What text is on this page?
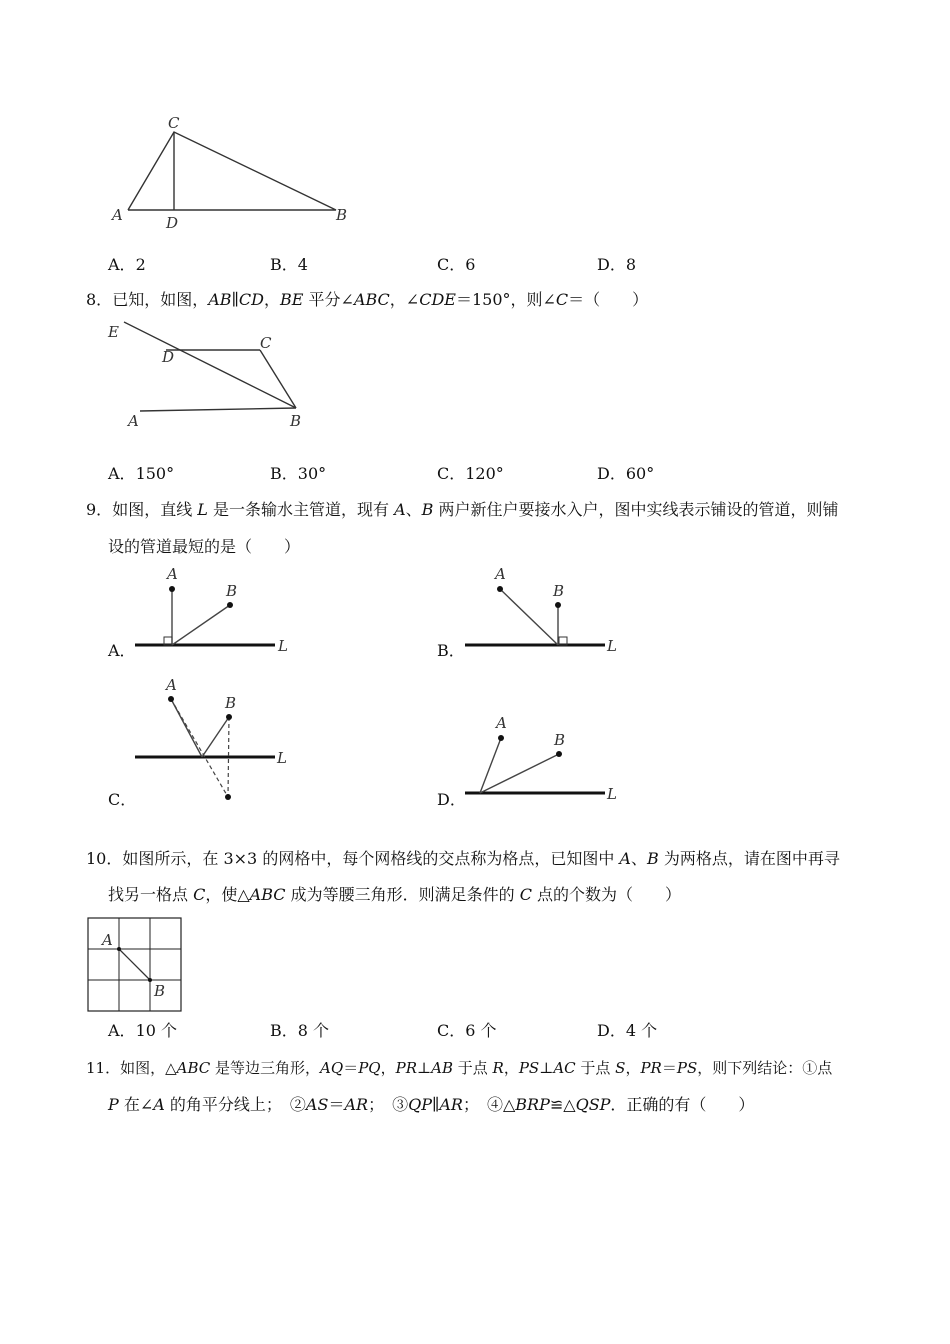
C
A	D	B
A．2	B．4	C．6	D．8
8．已知，如图，AB∥CD，BE 平分∠ABC，∠CDE＝150°，则∠C＝（　　）
E
D
C
A	B
A．150°	B．30°	C．120°	D．60°
9．如图，直线 L 是一条输水主管道，现有 A、B 两户新住户要接水入户，图中实线表示铺设的管道，则铺
设的管道最短的是（　　）
A．
A
B
L	B．
A
B
L
C．
A
B
L
D．
A
B
L
10．如图所示，在 3×3 的网格中，每个网格线的交点称为格点，已知图中 A、B 为两格点，请在图中再寻
找另一格点 C，使△ABC 成为等腰三角形．则满足条件的 C 点的个数为（　　）
A
B
A．10 个	B．8 个	C．6 个	D．4 个
11．如图，△ABC 是等边三角形，AQ＝PQ，PR⊥AB 于点 R，PS⊥AC 于点 S，PR＝PS，则下列结论：①点
P 在∠A 的角平分线上；　②AS＝AR；　③QP∥AR；　④△BRP≌△QSP．正确的有（　　）
